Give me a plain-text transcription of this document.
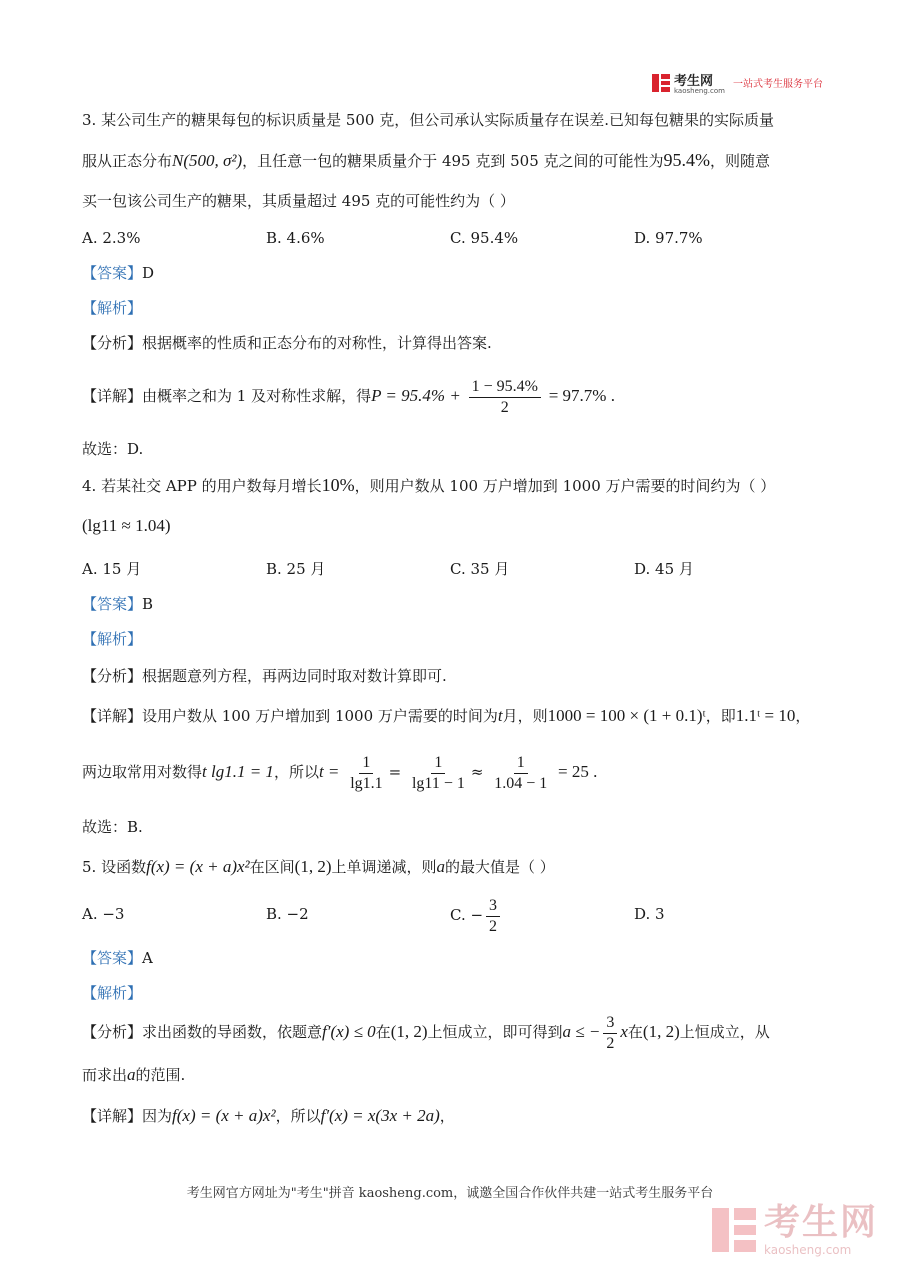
考生网
kaosheng.com
一站式考生服务平台
3. 某公司生产的糖果每包的标识质量是 500 克，但公司承认实际质量存在误差.已知每包糖果的实际质量
服从正态分布N(500, σ²)，且任意一包的糖果质量介于 495 克到 505 克之间的可能性为95.4%，则随意
买一包该公司生产的糖果，其质量超过 495 克的可能性约为（ ）
A. 2.3%	B. 4.6%	C. 95.4%	D. 97.7%
【答案】D
【解析】
【分析】根据概率的性质和正态分布的对称性，计算得出答案.
【详解】由概率之和为 1 及对称性求解，得$P = 95.4\% + \frac{1 - 95.4\%}{2} = 97.7\%$ .
故选：D.
4. 若某社交 APP 的用户数每月增长10%，则用户数从 100 万户增加到 1000 万户需要的时间约为（ ）
(lg11 ≈ 1.04)
A. 15 月	B. 25 月	C. 35 月	D. 45 月
【答案】B
【解析】
【分析】根据题意列方程，再两边同时取对数计算即可.
【详解】设用户数从 100 万户增加到 1000 万户需要的时间为t月，则1000 = 100 × (1 + 0.1)ᵗ，即1.1ᵗ = 10，
两边取常用对数得t lg1.1 = 1，所以$t = \frac{1}{\lg 1.1} = \frac{1}{\lg 11 - 1} \approx \frac{1}{1.04 - 1} = 25$ .
故选：B.
5. 设函数f(x) = (x + a)x²在区间(1, 2)上单调递减，则a的最大值是（ ）
A. −3	B. −2	C. − $\frac{3}{2}$	D. 3
【答案】A
【解析】
【分析】求出函数的导函数，依题意f′(x) ≤ 0在(1, 2)上恒成立，即可得到a ≤ − $\frac{3}{2}$ x在(1, 2)上恒成立，从
而求出a的范围.
【详解】因为f(x) = (x + a)x²，所以f′(x) = x(3x + 2a)，
考生网官方网址为"考生"拼音 kaosheng.com，诚邀全国合作伙伴共建一站式考生服务平台
考生网
kaosheng.com
